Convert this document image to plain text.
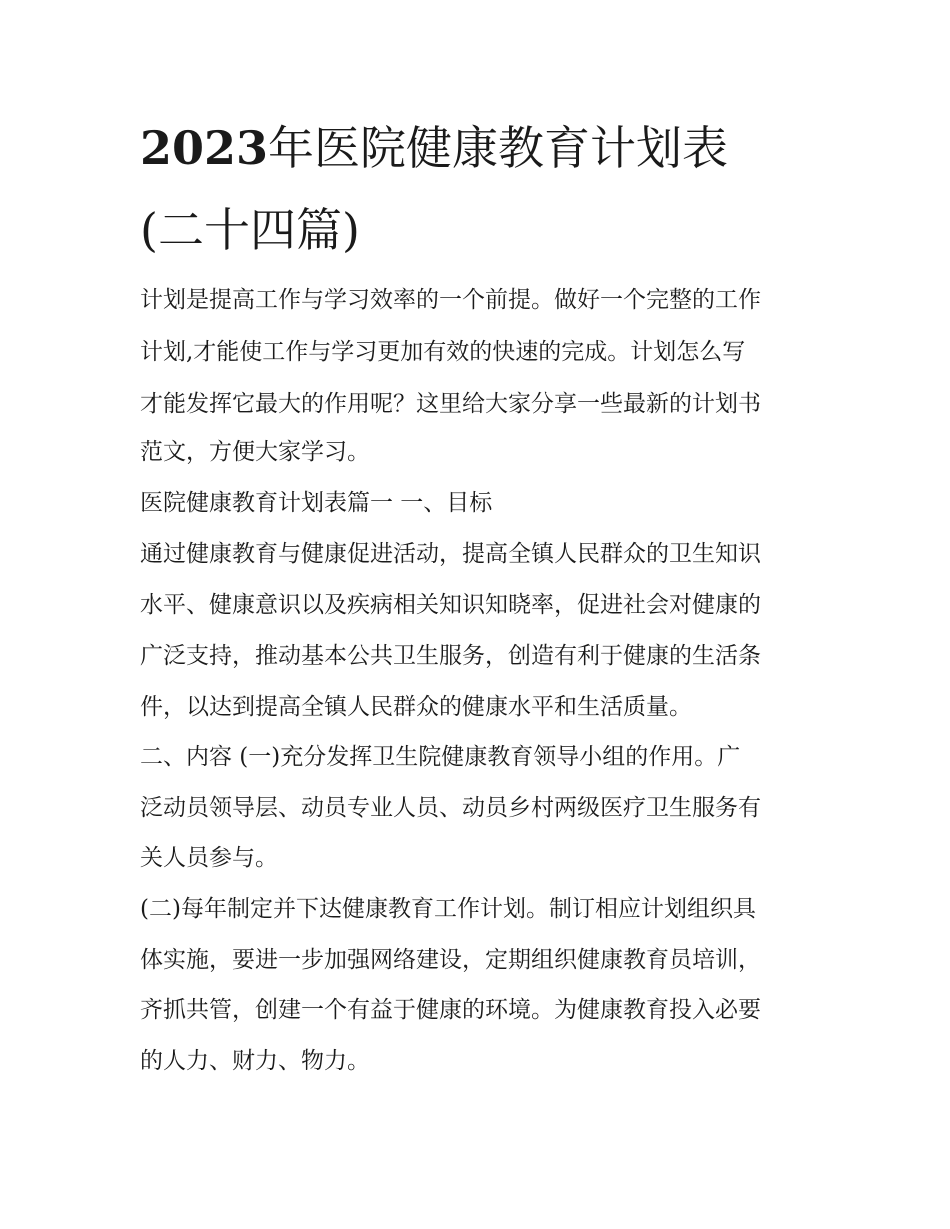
2023年医院健康教育计划表
(二十四篇)

计划是提高工作与学习效率的一个前提。做好一个完整的工作

计划,才能使工作与学习更加有效的快速的完成。计划怎么写

才能发挥它最大的作用呢？这里给大家分享一些最新的计划书

范文，方便大家学习。

医院健康教育计划表篇一 一、目标

通过健康教育与健康促进活动，提高全镇人民群众的卫生知识

水平、健康意识以及疾病相关知识知晓率，促进社会对健康的

广泛支持，推动基本公共卫生服务，创造有利于健康的生活条

件，以达到提高全镇人民群众的健康水平和生活质量。

二、内容 (一)充分发挥卫生院健康教育领导小组的作用。广

泛动员领导层、动员专业人员、动员乡村两级医疗卫生服务有

关人员参与。

(二)每年制定并下达健康教育工作计划。制订相应计划组织具

体实施，要进一步加强网络建设，定期组织健康教育员培训，

齐抓共管，创建一个有益于健康的环境。为健康教育投入必要

的人力、财力、物力。
